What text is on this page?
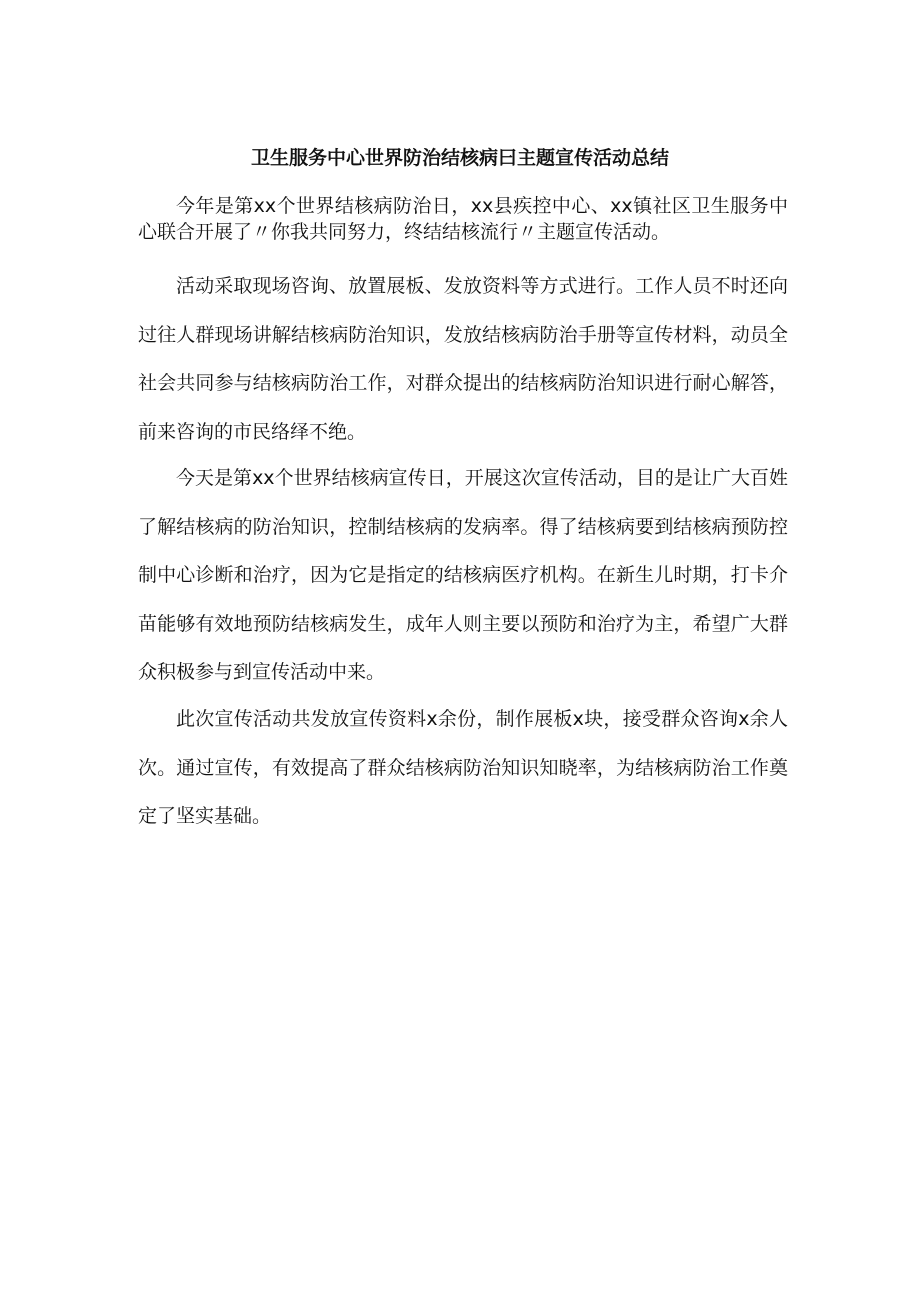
卫生服务中心世界防治结核病曰主题宣传活动总结

今年是第xx个世界结核病防治日，xx县疾控中心、xx镇社区卫生服务中心联合开展了〃你我共同努力，终结结核流行〃主题宣传活动。

活动采取现场咨询、放置展板、发放资料等方式进行。工作人员不时还向过往人群现场讲解结核病防治知识，发放结核病防治手册等宣传材料，动员全社会共同参与结核病防治工作，对群众提出的结核病防治知识进行耐心解答，前来咨询的市民络绎不绝。

今天是第xx个世界结核病宣传日，开展这次宣传活动，目的是让广大百姓了解结核病的防治知识，控制结核病的发病率。得了结核病要到结核病预防控制中心诊断和治疗，因为它是指定的结核病医疗机构。在新生儿时期，打卡介苗能够有效地预防结核病发生，成年人则主要以预防和治疗为主，希望广大群众积极参与到宣传活动中来。

此次宣传活动共发放宣传资料x余份，制作展板x块，接受群众咨询x余人次。通过宣传，有效提高了群众结核病防治知识知晓率，为结核病防治工作奠定了坚实基础。
